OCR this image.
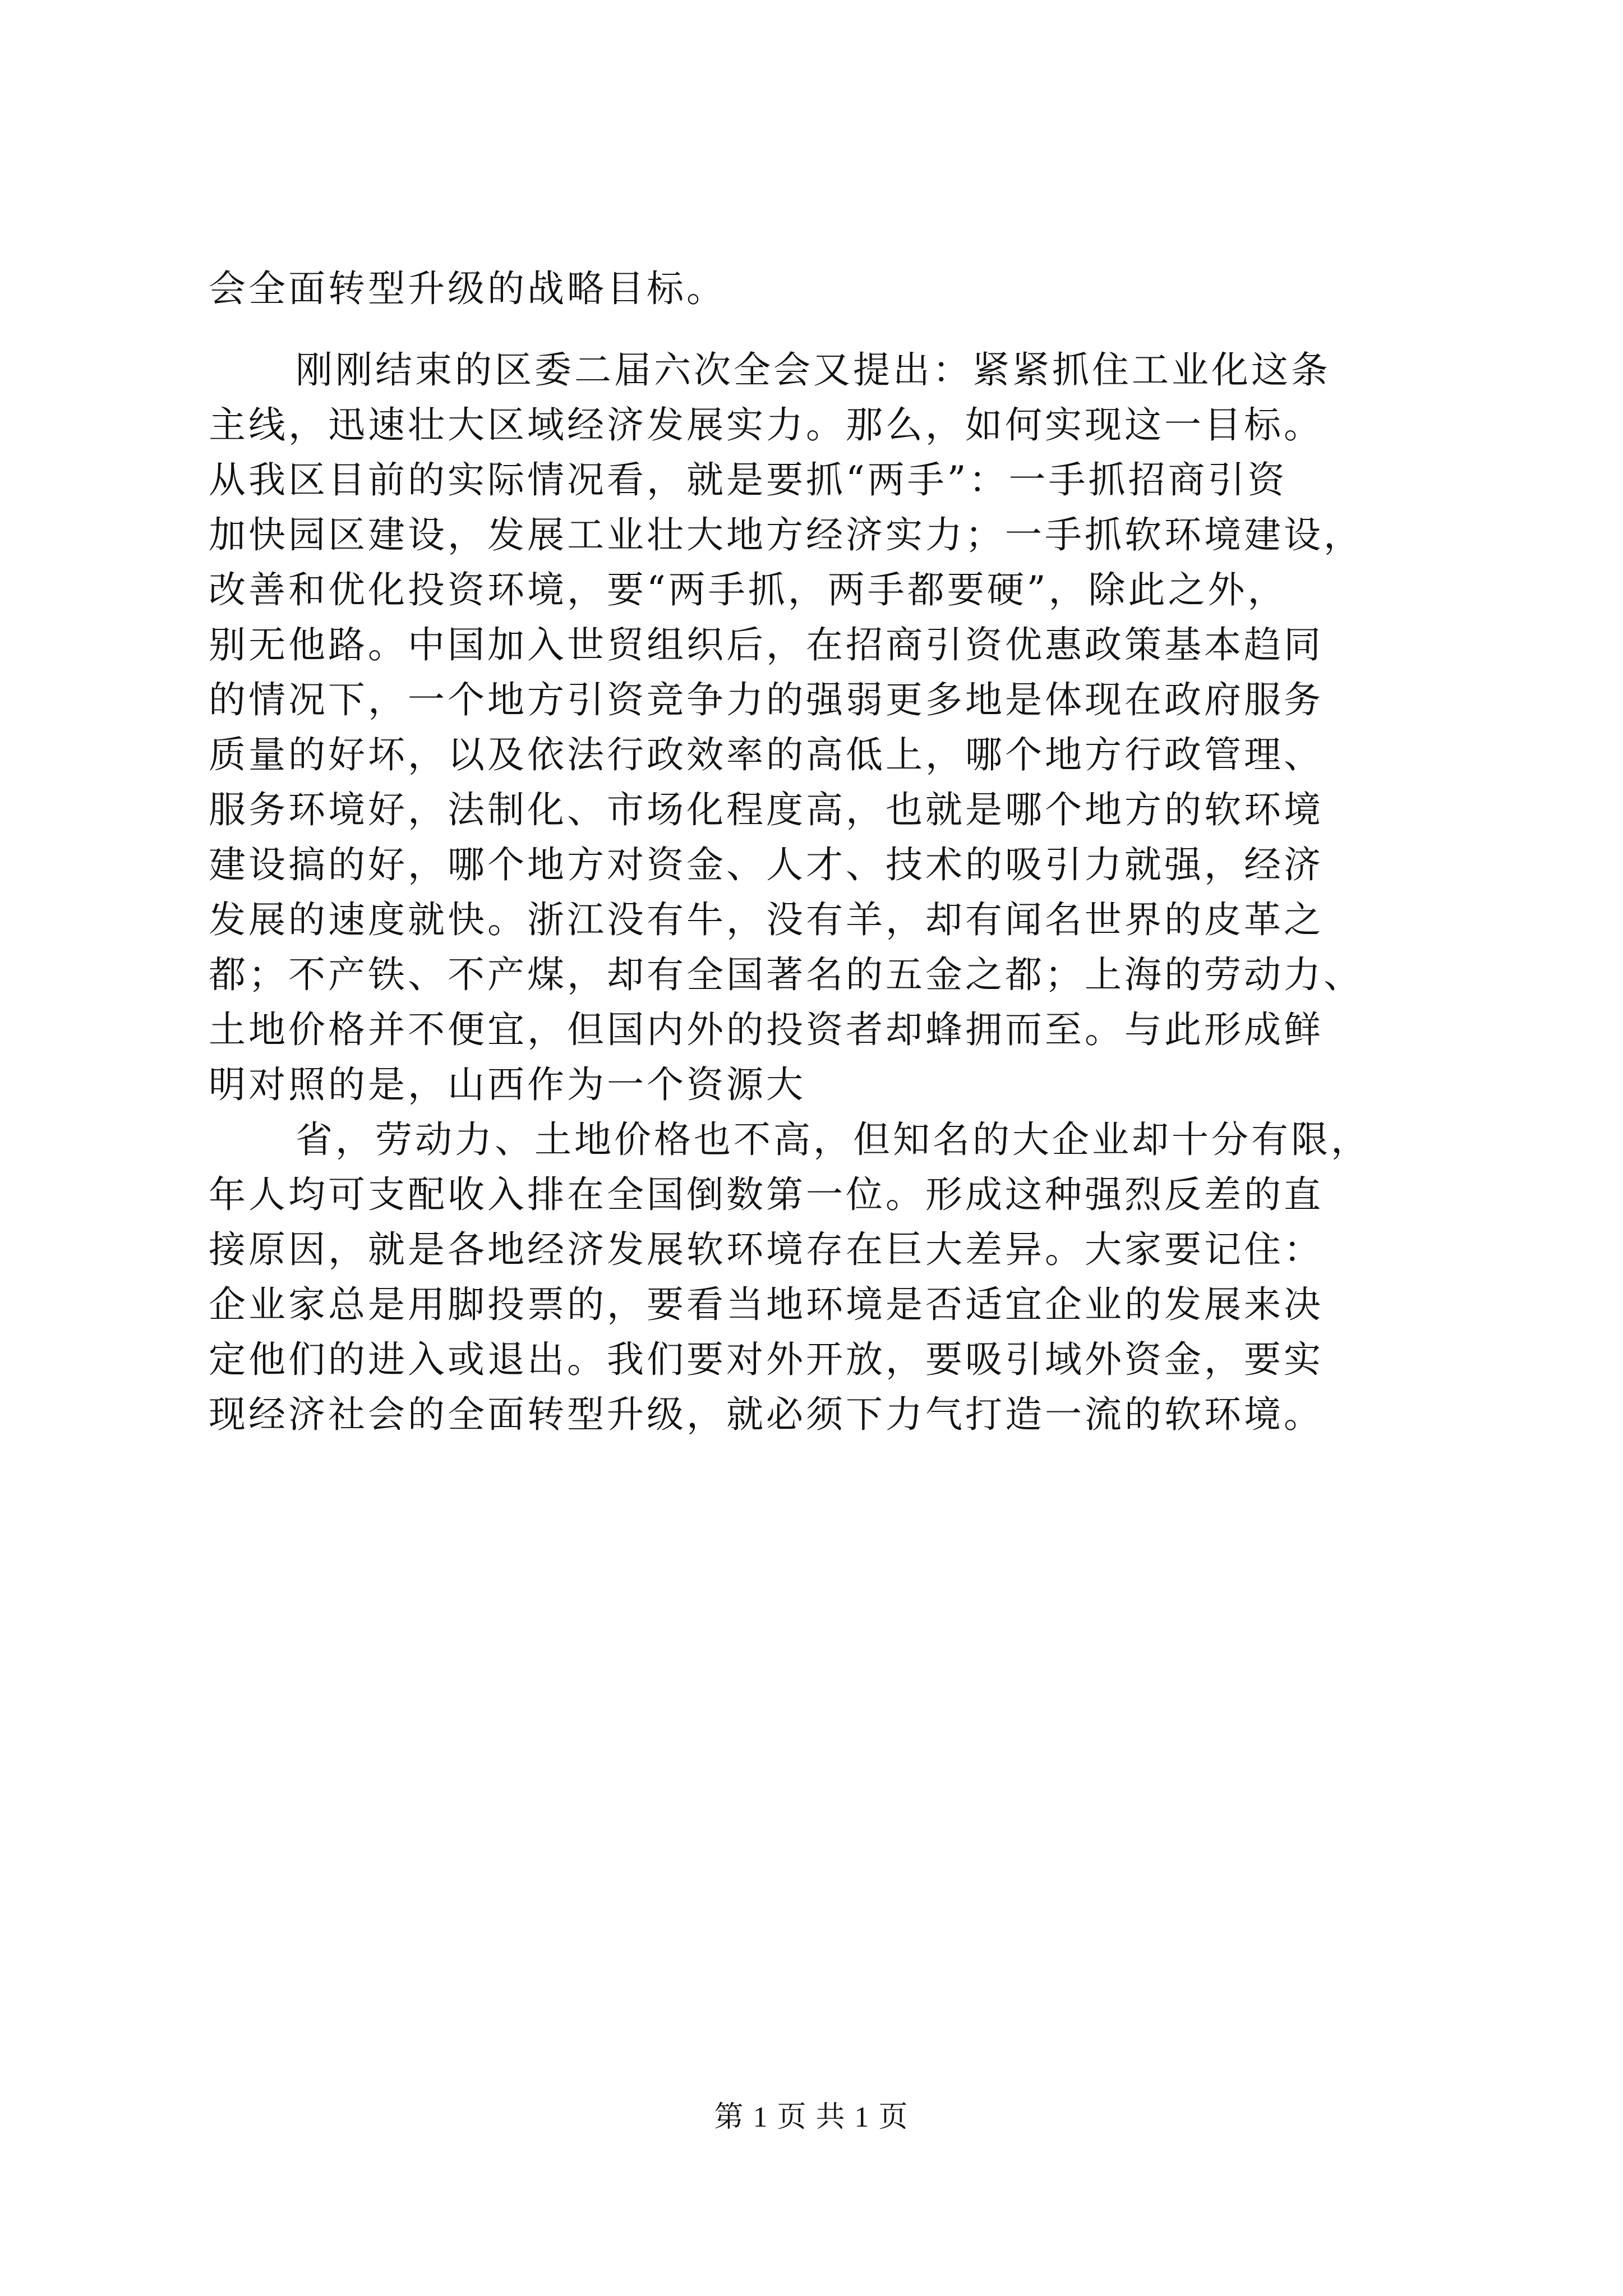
会全面转型升级的战略目标。
刚刚结束的区委二届六次全会又提出：紧紧抓住工业化这条
主线，迅速壮大区域经济发展实力。那么，如何实现这一目标。
从我区目前的实际情况看，就是要抓“两手”：一手抓招商引资
加快园区建设，发展工业壮大地方经济实力；一手抓软环境建设，
改善和优化投资环境，要“两手抓，两手都要硬”，除此之外，
别无他路。中国加入世贸组织后，在招商引资优惠政策基本趋同
的情况下，一个地方引资竞争力的强弱更多地是体现在政府服务
质量的好坏，以及依法行政效率的高低上，哪个地方行政管理、
服务环境好，法制化、市场化程度高，也就是哪个地方的软环境
建设搞的好，哪个地方对资金、人才、技术的吸引力就强，经济
发展的速度就快。浙江没有牛，没有羊，却有闻名世界的皮革之
都；不产铁、不产煤，却有全国著名的五金之都；上海的劳动力、
土地价格并不便宜，但国内外的投资者却蜂拥而至。与此形成鲜
明对照的是，山西作为一个资源大
省，劳动力、土地价格也不高，但知名的大企业却十分有限，
年人均可支配收入排在全国倒数第一位。形成这种强烈反差的直
接原因，就是各地经济发展软环境存在巨大差异。大家要记住：
企业家总是用脚投票的，要看当地环境是否适宜企业的发展来决
定他们的进入或退出。我们要对外开放，要吸引域外资金，要实
现经济社会的全面转型升级，就必须下力气打造一流的软环境。
第 1 页 共 1 页
